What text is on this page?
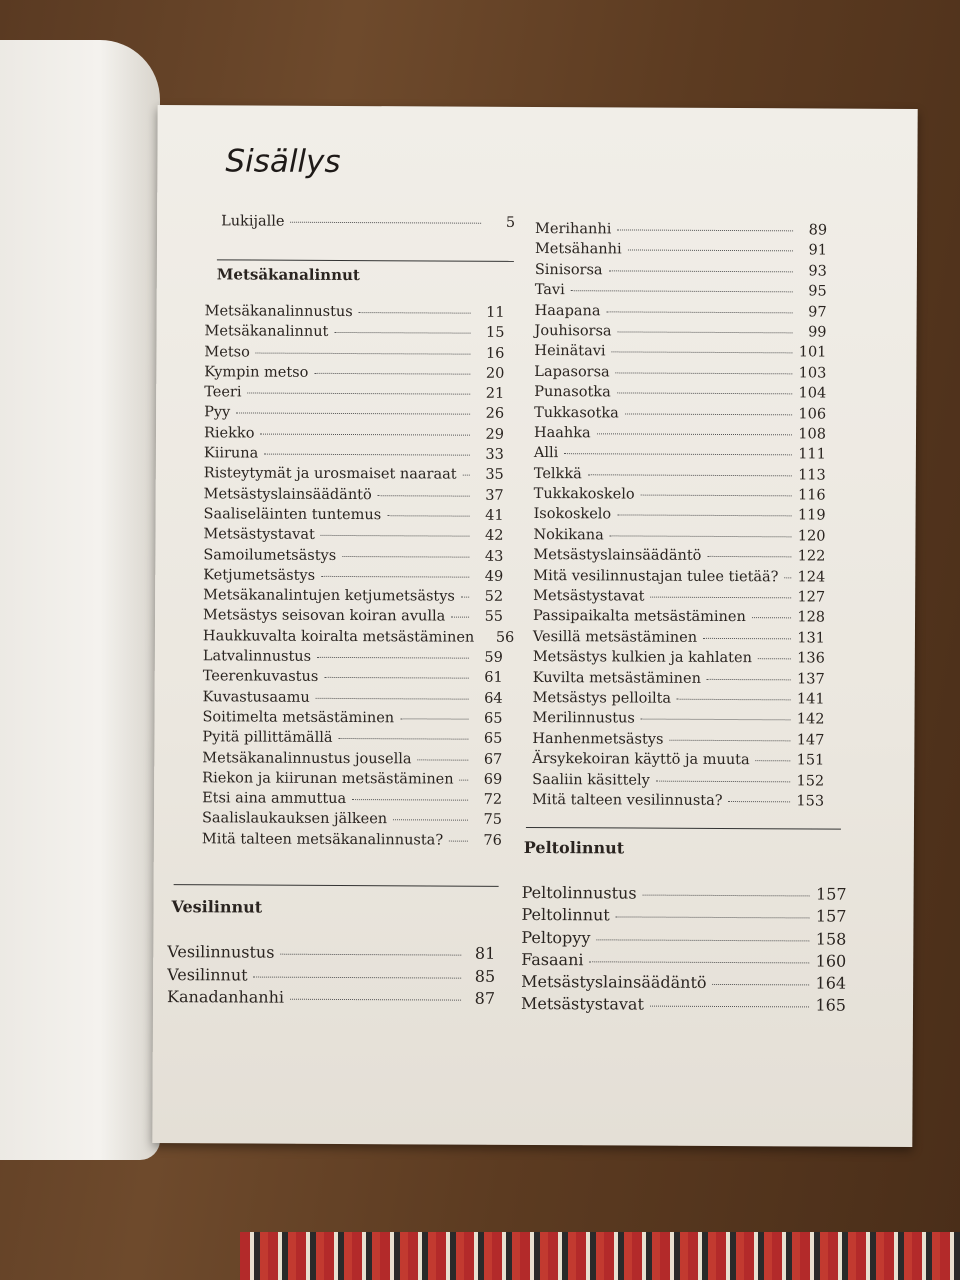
Sisällys
Lukijalle	5
Metsäkanalinnut
Metsäkanalinnustus	11
Metsäkanalinnut	15
Metso	16
Kympin metso	20
Teeri	21
Pyy	26
Riekko	29
Kiiruna	33
Risteytymät ja urosmaiset naaraat	35
Metsästyslainsäädäntö	37
Saaliseläinten tuntemus	41
Metsästystavat	42
Samoilumetsästys	43
Ketjumetsästys	49
Metsäkanalintujen ketjumetsästys	52
Metsästys seisovan koiran avulla	55
Haukkuvalta koiralta metsästäminen	56
Latvalinnustus	59
Teerenkuvastus	61
Kuvastusaamu	64
Soitimelta metsästäminen	65
Pyitä pillittämällä	65
Metsäkanalinnustus jousella	67
Riekon ja kiirunan metsästäminen	69
Etsi aina ammuttua	72
Saalislaukauksen jälkeen	75
Mitä talteen metsäkanalinnusta?	76
Vesilinnut
Vesilinnustus	81
Vesilinnut	85
Kanadanhanhi	87
Merihanhi	89
Metsähanhi	91
Sinisorsa	93
Tavi	95
Haapana	97
Jouhisorsa	99
Heinätavi	101
Lapasorsa	103
Punasotka	104
Tukkasotka	106
Haahka	108
Alli	111
Telkkä	113
Tukkakoskelo	116
Isokoskelo	119
Nokikana	120
Metsästyslainsäädäntö	122
Mitä vesilinnustajan tulee tietää? 124
Metsästystavat	127
Passipaikalta metsästäminen	128
Vesillä metsästäminen	131
Metsästys kulkien ja kahlaten	136
Kuvilta metsästäminen	137
Metsästys pelloilta	141
Merilinnustus	142
Hanhenmetsästys	147
Ärsykekoiran käyttö ja muuta	151
Saaliin käsittely	152
Mitä talteen vesilinnusta?	153
Peltolinnut
Peltolinnustus	157
Peltolinnut	157
Peltopyy	158
Fasaani	160
Metsästyslainsäädäntö	164
Metsästystavat	165
